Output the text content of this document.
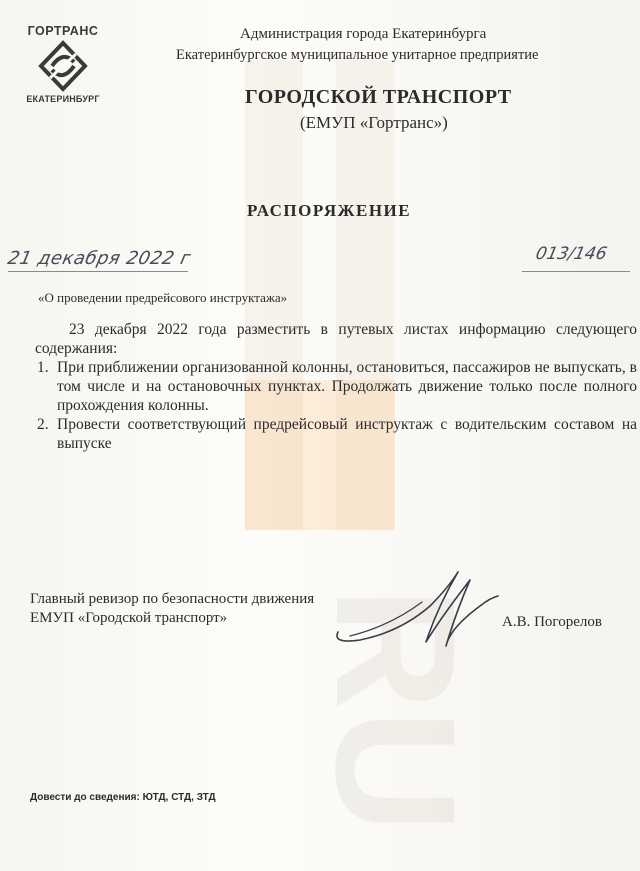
RU
ГОРТРАНС
ЕКАТЕРИНБУРГ
Администрация города Екатеринбурга
Екатеринбургское муниципальное унитарное предприятие
ГОРОДСКОЙ ТРАНСПОРТ
(ЕМУП «Гортранс»)
РАСПОРЯЖЕНИЕ
21 декабря 2022 г	013/146
«О проведении предрейсового инструктажа»

23 декабря 2022 года разместить в путевых листах информацию следующего содержания:

1. При приближении организованной колонны, остановиться, пассажиров не выпускать, в том числе и на остановочных пунктах. Продолжать движение только после полного прохождения колонны.
2. Провести соответствующий предрейсовый инструктаж с водительским составом на выпуске
Главный ревизор по безопасности движения
ЕМУП «Городской транспорт»	А.В. Погорелов
Довести до сведения: ЮТД, СТД, ЗТД
